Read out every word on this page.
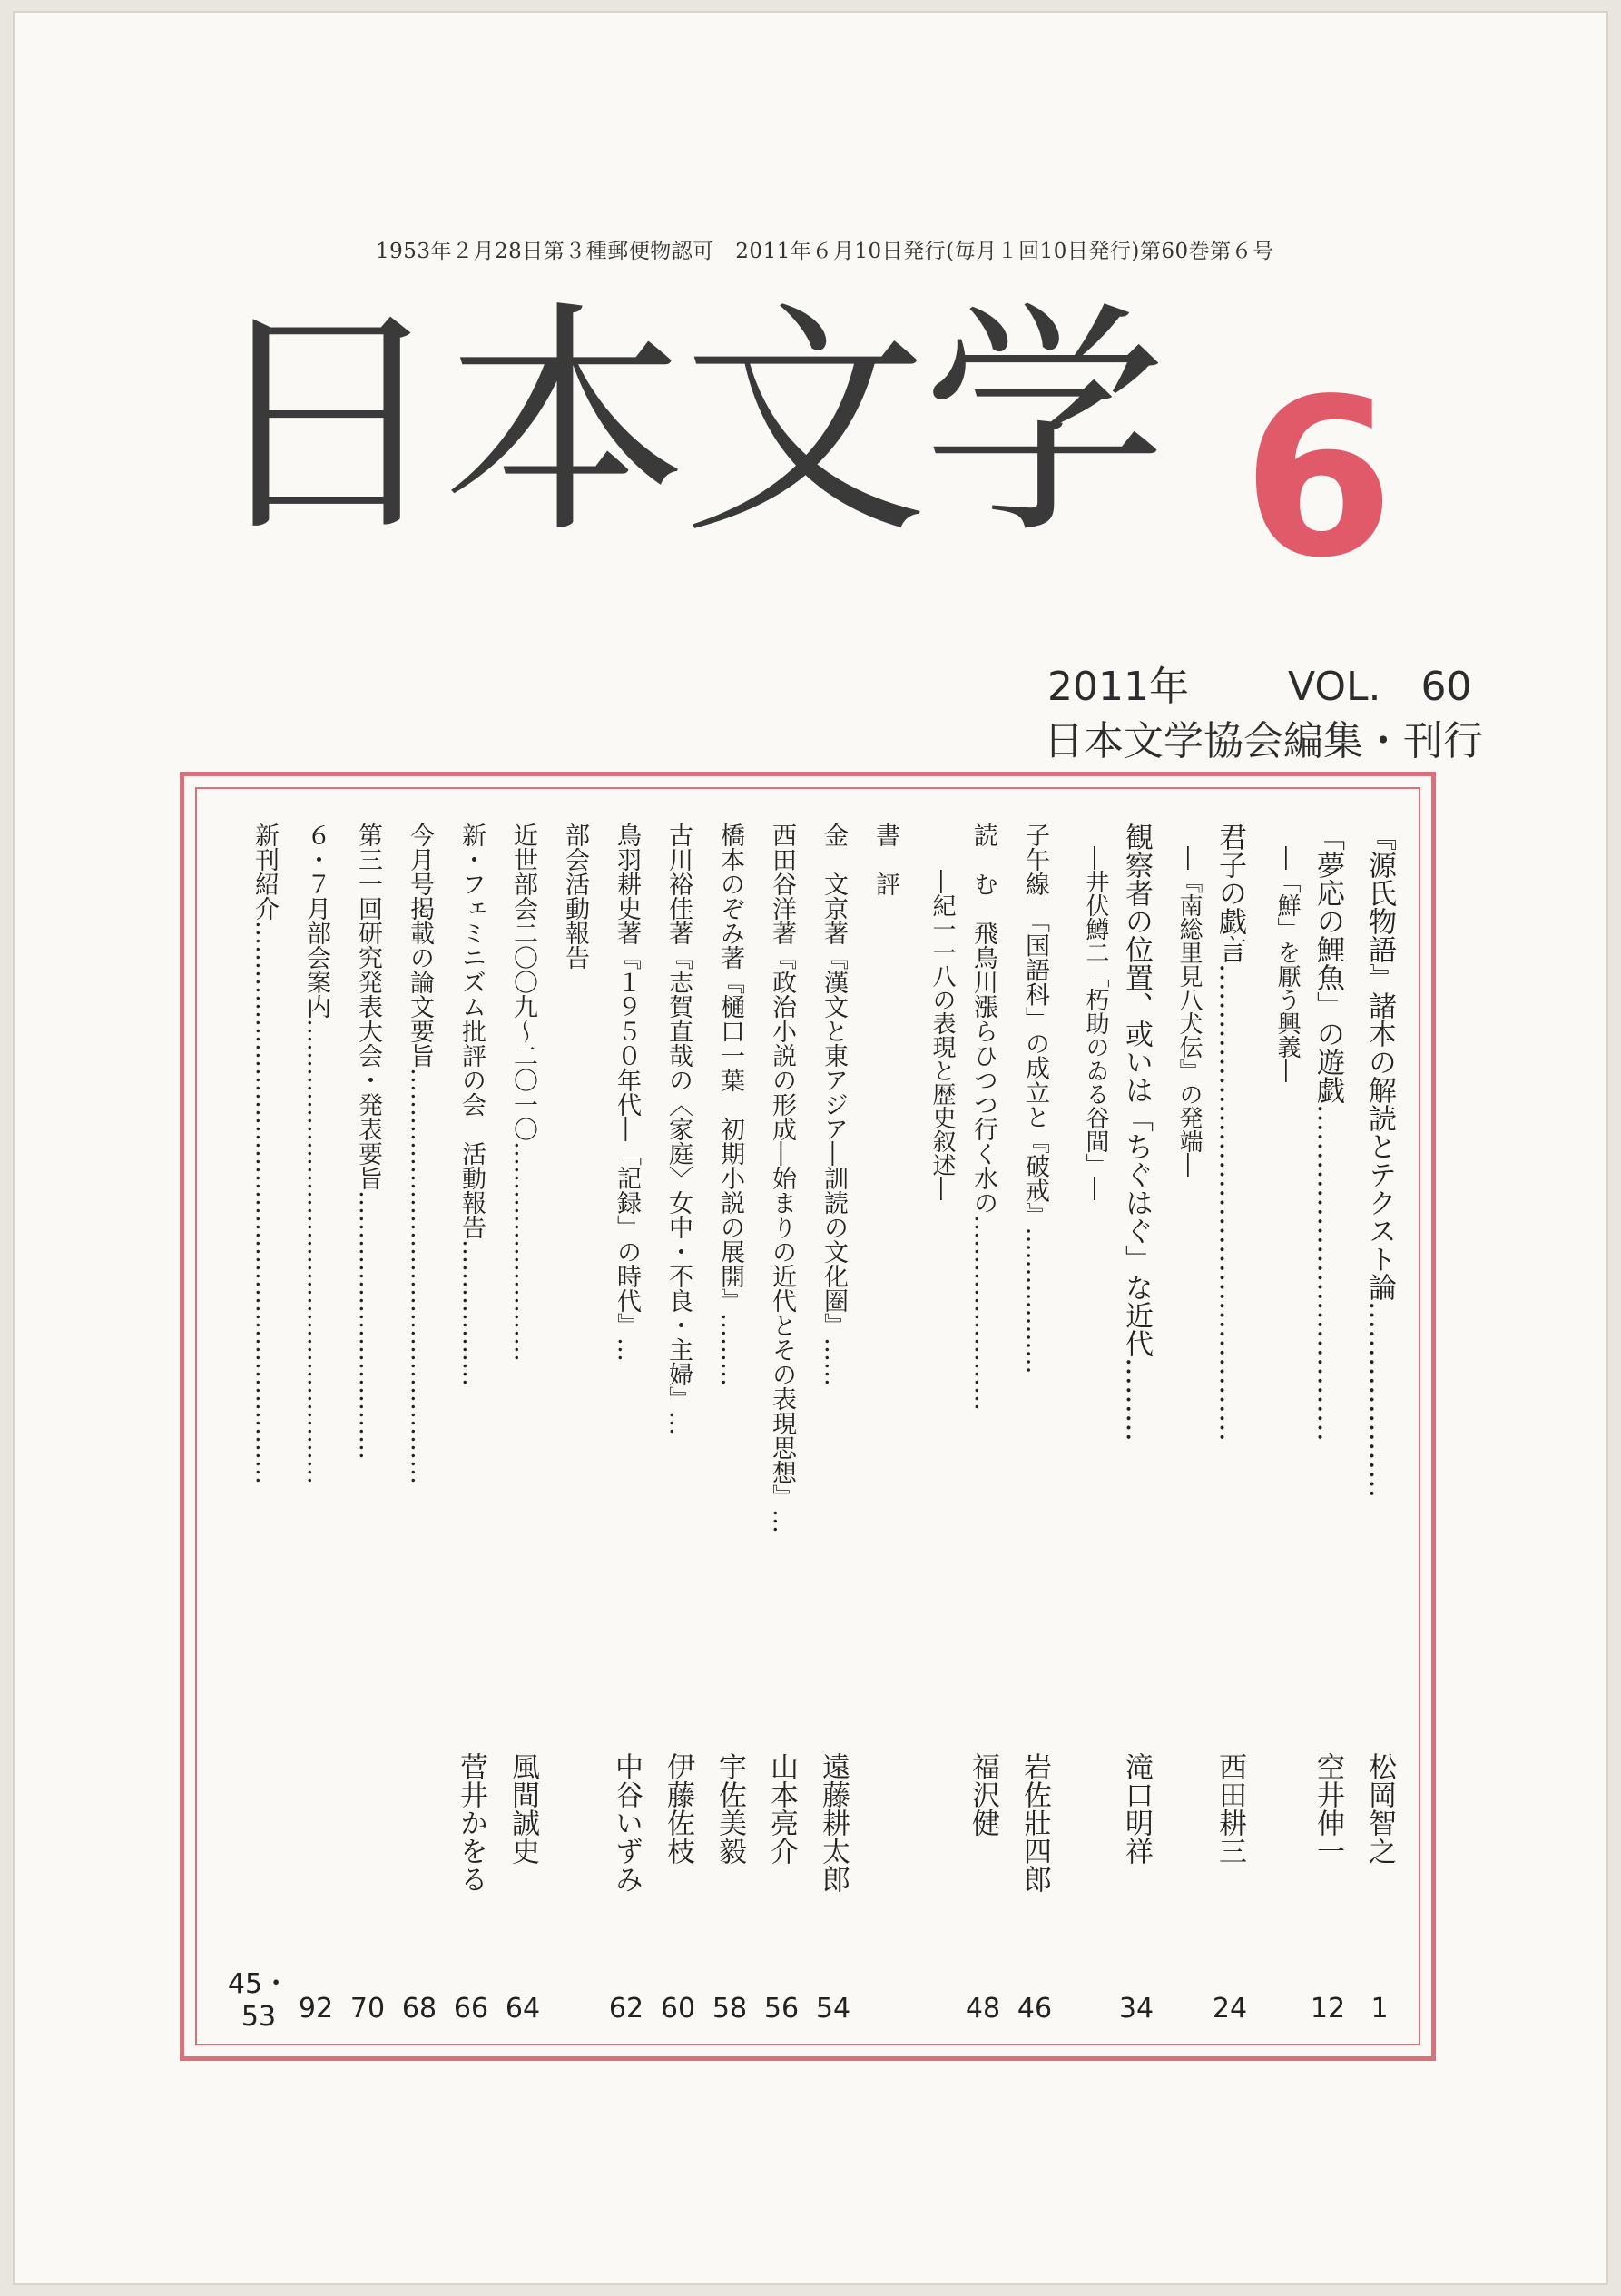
1953年２月28日第３種郵便物認可　2011年６月10日発行(毎月１回10日発行)第60巻第６号
日本文学 6
2011年 VOL.　60
日本文学協会編集・刊行
『源氏物語』諸本の解読とテクスト論…………………
「夢応の鯉魚」の遊戯………………………………
　―「鮮」を厭う興義―
君子の戯言……………………………………………
　―『南総里見八犬伝』の発端―
観察者の位置、或いは「ちぐはぐ」な近代………
　―井伏鱒二「朽助のゐる谷間」―
子午線　「国語科」の成立と『破戒』………………
読　む　飛鳥川漲らひつつ行く水の……………………
　　―紀一一八の表現と歴史叙述―
書　評
金　文京著『漢文と東アジア―訓読の文化圏』……
西田谷洋著『政治小説の形成―始まりの近代とその表現思想』…
橋本のぞみ著『樋口一葉　初期小説の展開』………
古川裕佳著『志賀直哉の〈家庭〉女中・不良・主婦』…
鳥羽耕史著『１９５０年代―「記録」の時代』…
部会活動報告
近世部会二〇〇九～二〇一〇………………………
新・フェミニズム批評の会　活動報告………………
今月号掲載の論文要旨……………………………………………
第三一回研究発表大会・発表要旨……………………………
６・７月部会案内…………………………………………………
新刊紹介……………………………………………………………
松岡智之
空井伸一
西田耕三
滝口明祥
岩佐壯四郎
福沢健
遠藤耕太郎
山本亮介
宇佐美毅
伊藤佐枝
中谷いずみ
風間誠史
菅井かをる
1
12
24
34
46
48
54
56
58
60
62
64
66
68
70
92
45・53
